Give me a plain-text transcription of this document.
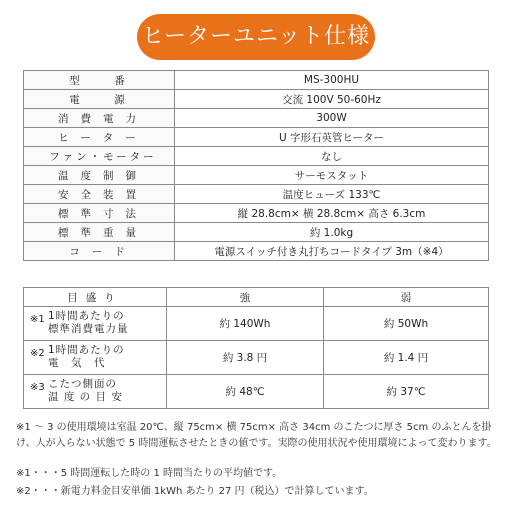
ヒーターユニット仕様
型　番	MS-300HU
電　源	交流 100V 50-60Hz
消費電力	300W
ヒーター	U 字形石英管ヒーター
ファン・モーター	なし
温度制御	サーモスタット
安全装置	温度ヒューズ 133℃
標準寸法	縦 28.8cm× 横 28.8cm× 高さ 6.3cm
標準重量	約 1.0kg
コード	電源スイッチ付き丸打ちコードタイプ 3m（※4）
目盛り	強	弱

※1 1時間あたりの
標準消費電力量	約 140Wh	約 50Wh

※2 1時間あたりの
電　気　代	約 3.8 円	約 1.4 円

※3 こたつ側面の
温 度 の 目 安	約 48℃	約 37℃
※1 ～ 3 の使用環境は室温 20℃、縦 75cm× 横 75cm× 高さ 34cm のこたつに厚さ 5cm のふとんを掛け、人が入らない状態で 5 時間運転させたときの値です。実際の使用状況や使用環境によって変わります。
※1・・・5 時間運転した時の 1 時間当たりの平均値です。
※2・・・新電力料金目安単価 1kWh あたり 27 円（税込）で計算しています。
